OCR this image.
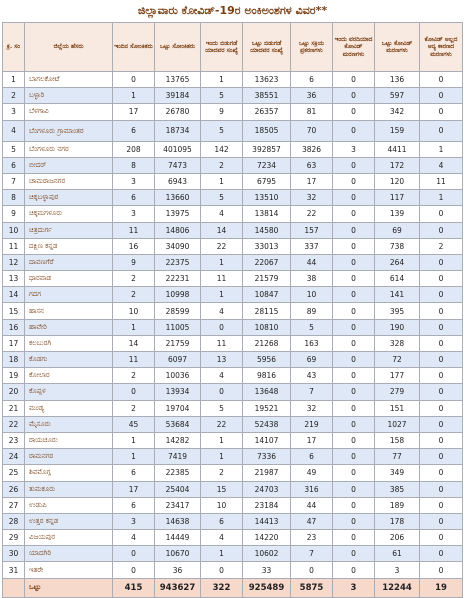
ಜಿಲ್ಲಾವಾರು ಕೋವಿಡ್-19ರ ಅಂಕಿಅಂಶಗಳ ವಿವರ**
ಕ್ರ. ಸಂ	ಜಿಲ್ಲೆಯ ಹೆಸರು	ಇಂದಿನ ಸೋಂಕಿತರು	ಒಟ್ಟು ಸೋಂಕಿತರು	ಇಂದು ಬಿಡುಗಡೆ ಯಾದವರ ಸಂಖ್ಯೆ	ಒಟ್ಟು ಬಿಡುಗಡೆ ಯಾದವರ ಸಂಖ್ಯೆ	ಒಟ್ಟು ಸಕ್ರಿಯ ಪ್ರಕರಣಗಳು	ಇಂದು ವರದಿಯಾದ ಕೋವಿಡ್ ಮರಣಗಳು	ಒಟ್ಟು ಕೋವಿಡ್ ಮರಣಗಳು	ಕೋವಿಡ್ ಅಲ್ಲದ ಅನ್ಯ ಕಾರಣದ ಮರಣಗಳು
1	ಬಾಗಲಕೋಟೆ	0	13765	1	13623	6	0	136	0
2	ಬಳ್ಳಾರಿ	1	39184	5	38551	36	0	597	0
3	ಬೆಳಗಾವಿ	17	26780	9	26357	81	0	342	0
4	ಬೆಂಗಳೂರು ಗ್ರಾಮಾಂತರ	6	18734	5	18505	70	0	159	0
5	ಬೆಂಗಳೂರು ನಗರ	208	401095	142	392857	3826	3	4411	1
6	ಬೀದರ್	8	7473	2	7234	63	0	172	4
7	ಚಾಮರಾಜನಗರ	3	6943	1	6795	17	0	120	11
8	ಚಿಕ್ಕಬಳ್ಳಾಪುರ	6	13660	5	13510	32	0	117	1
9	ಚಿಕ್ಕಮಗಳೂರು	3	13975	4	13814	22	0	139	0
10	ಚಿತ್ರದುರ್ಗ	11	14806	14	14580	157	0	69	0
11	ದಕ್ಷಿಣ ಕನ್ನಡ	16	34090	22	33013	337	0	738	2
12	ದಾವಣಗೆರೆ	9	22375	1	22067	44	0	264	0
13	ಧಾರವಾಡ	2	22231	11	21579	38	0	614	0
14	ಗದಗ	2	10998	1	10847	10	0	141	0
15	ಹಾಸನ	10	28599	4	28115	89	0	395	0
16	ಹಾವೇರಿ	1	11005	0	10810	5	0	190	0
17	ಕಲಬುರಗಿ	14	21759	11	21268	163	0	328	0
18	ಕೊಡಗು	11	6097	13	5956	69	0	72	0
19	ಕೋಲಾರ	2	10036	4	9816	43	0	177	0
20	ಕೊಪ್ಪಳ	0	13934	0	13648	7	0	279	0
21	ಮಂಡ್ಯ	2	19704	5	19521	32	0	151	0
22	ಮೈಸೂರು	45	53684	22	52438	219	0	1027	0
23	ರಾಯಚೂರು	1	14282	1	14107	17	0	158	0
24	ರಾಮನಗರ	1	7419	1	7336	6	0	77	0
25	ಶಿವಮೊಗ್ಗ	6	22385	2	21987	49	0	349	0
26	ತುಮಕೂರು	17	25404	15	24703	316	0	385	0
27	ಉಡುಪಿ	6	23417	10	23184	44	0	189	0
28	ಉತ್ತರ ಕನ್ನಡ	3	14638	6	14413	47	0	178	0
29	ವಿಜಯಪುರ	4	14449	4	14220	23	0	206	0
30	ಯಾದಗಿರಿ	0	10670	1	10602	7	0	61	0
31	ಇತರೇ	0	36	0	33	0	0	3	0
	ಒಟ್ಟು	415	943627	322	925489	5875	3	12244	19
